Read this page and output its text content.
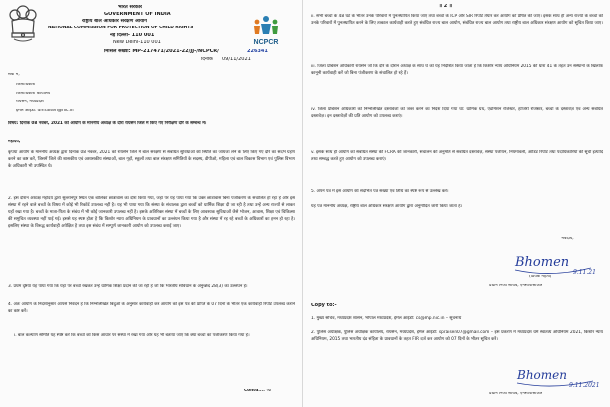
भारत सरकार

GOVERNMENT OF INDIA

राष्ट्रीय बाल अधिकार संरक्षण आयोग

NATIONAL COMMISSION FOR PROTECTION OF CHILD RIGHTS

नई दिल्ली- 110 001

New Delhi-110 001	NCPCR

मिसिल संख्या: MP-217471/2021-22/JJ-/NCPCR/	226341

दिनांक 09/11/2021

सेवा में,

जिलाधिकारी

जिलाधिकारी कार्यालय

रायसेन, मध्यप्रदेश

ईमेल आईडी: dmraisen@nic.in

विषय: दिनांक 08 नवंबर, 2021 को आयोग के माननीय अध्यक्ष के दौरा रायसेन जिले में किए गए निरीक्षण दौरे के सम्बन्ध में।

महोदय,

कृपया आयोग के माननीय अध्यक्ष द्वारा दिनांक 08 नवंबर, 2021 को रायसेन जिले में बाल संरक्षण से संबंधित सुविधाओं की स्थिति का जायजा लेने के लिए किए गए दौरे का संदर्भ ग्रहण करने का कष्ट करें, जिसमें जिले की शासकीय एवं अशासकीय संस्थाओं, बाल गृहों, स्कूलों तथा बाल संरक्षण समितियों के सदस्य, डीपीओ, महिला एवं बाल विकास विभाग एवं पुलिस विभाग के अधिकारी भी उपस्थित थे।

2. इस दौरान अध्यक्ष महोदय द्वारा सुल्तानपुर स्थित एक बालिका छात्रावास का दौरा किया गया, जहाँ पर यह पाया गया कि उक्त छात्रावास बिना पंजीकरण के संचालित हो रहा है और इस संस्था में रहने वाले बच्चों के विषय में कोई भी रिकॉर्ड उपलब्ध नहीं है। यह भी पाया गया कि संस्था के संचालक द्वारा बच्चों को धार्मिक शिक्षा दी जा रही है तथा उन्हें अन्य राज्यों से लाकर यहाँ रखा गया है। बच्चों के माता-पिता के संबंध में भी कोई जानकारी उपलब्ध नहीं है। इसके अतिरिक्त संस्था में बच्चों के लिए आवश्यक सुविधाओं जैसे भोजन, आवास, शिक्षा एवं चिकित्सा की समुचित व्यवस्था नहीं पाई गई। इससे यह स्पष्ट होता है कि किशोर न्याय अधिनियम के प्रावधानों का उल्लंघन किया गया है और संस्था में रह रहे बच्चों के अधिकारों का हनन हो रहा है। इसलिए संस्था के विरुद्ध कार्यवाही अपेक्षित है तथा इस संबंध में सम्पूर्ण जानकारी आयोग को उपलब्ध कराई जाए।

3. प्रथम दृष्टया यह पाया गया कि यहाँ पर बच्चों रखकर उन्हें धार्मिक शिक्षा प्रदान की जा रही है जो कि भारतीय संविधान के अनुच्छेद 28(3) का उल्लंघन है।

4. अतः आयोग के निर्देशानुसार आपसे निवेदन है कि निम्नलिखित बिंदुओं के अनुसार कार्यवाही कर आयोग को इस पत्र की प्राप्ति के 07 दिनों के भीतर एक कार्यवाही रिपोर्ट उपलब्ध कराने का कष्ट करें।

i. बाल कल्याण समिति यह स्पष्ट करें कि बच्चों को किस आधार पर संस्था में रखा गया और यह भी बताया जाए कि क्या बच्चों का पंजीकरण किया गया है।

Contd.... ½

॥ 2 ॥

ii. सभी बच्चों के 48 घंटे के भीतर उनके परिवारों में पुनःस्थापित किया जाए तथा बच्चों के ICP और SIR रिपोर्ट तैयार कर आयोग को प्रेषित की जाए। इसके साथ ही अन्य राज्यों के बच्चों को उनके परिवारों में पुनःस्थापित करने के लिए तत्काल कार्यवाही करते हुए संबंधित राज्य बाल आयोग, संबंधित राज्य बाल आयोग तथा राष्ट्रीय बाल अधिकार संरक्षण आयोग को सूचित किया जाए।

iii. जिला प्रोबेशन अधिकारी रायसेन जो कि दौरे के दौरान अध्यक्ष के साथ थे को यह निर्देशित किया जाता है कि किशोर न्याय अधिनियम 2015 की धारा 41 के तहत उन संस्थानों के खिलाफ कानूनी कार्यवाही करें जो बिना पंजीकरण के संचालित हो रहे हैं।

iv. जिला प्रोबेशन अधिकारी को निम्नलिखित दस्तावेजों को जब्त करने का निर्देश दिया गया था: धार्मिक ग्रंथ, एडमिशन रजिस्टर, हाजिरी रजिस्टर, बच्चों के दस्तावेज़ एवं अन्य संबंधित दस्तावेज़। इन दस्तावेज़ों की प्रति आयोग को उपलब्ध कराएं।

v. इसके साथ ही आयोग को संबंधित संस्था की FCRA की जानकारी, संचालन की अनुमति से संबंधित दस्तावेज़, संस्था पंजीयन, नियमावली, ऑडिट रिपोर्ट तथा पदाधिकारियों की सूची इत्यादि तथ्य सम्बद्ध करते हुए आयोग को उपलब्ध कराएं।

5. अपने पत्र में इस आयोग की संदर्भित पत्र संख्या एवं तिथि का स्पष्ट रूप से उल्लेख करें।

यह पत्र माननीय अध्यक्ष, राष्ट्रीय बाल अधिकार संरक्षण आयोग द्वारा अनुमोदित जारी किया जाता है।

भवदीय,

Bhomen
9.11.21

(प्रियंक मेहता)

प्रधान निजी सचिव, एनसीपीसीआर

Copy to:-

1. मुख्य सचिव, मध्यप्रदेश शासन, भोपाल मध्यप्रदेश, ईमेल आईडी: cs@mp.nic.in – सूचनार्थ

2. पुलिस अधीक्षक, पुलिस अधीक्षक कार्यालय, रायसेन, मध्यप्रदेश, ईमेल आईडी: spraisen07@gmail.com – इस प्रकरण में मध्यप्रदेश धर्म स्वातंत्र्य अधिनियम 2021, किशोर न्याय अधिनियम, 2015 तथा भारतीय दंड संहिता के प्रावधानों के तहत FIR दर्ज कर आयोग को 07 दिनों के भीतर सूचित करें।

Bhomen
9.11.2021

प्रधान निजी सचिव, एनसीपीसीआर
